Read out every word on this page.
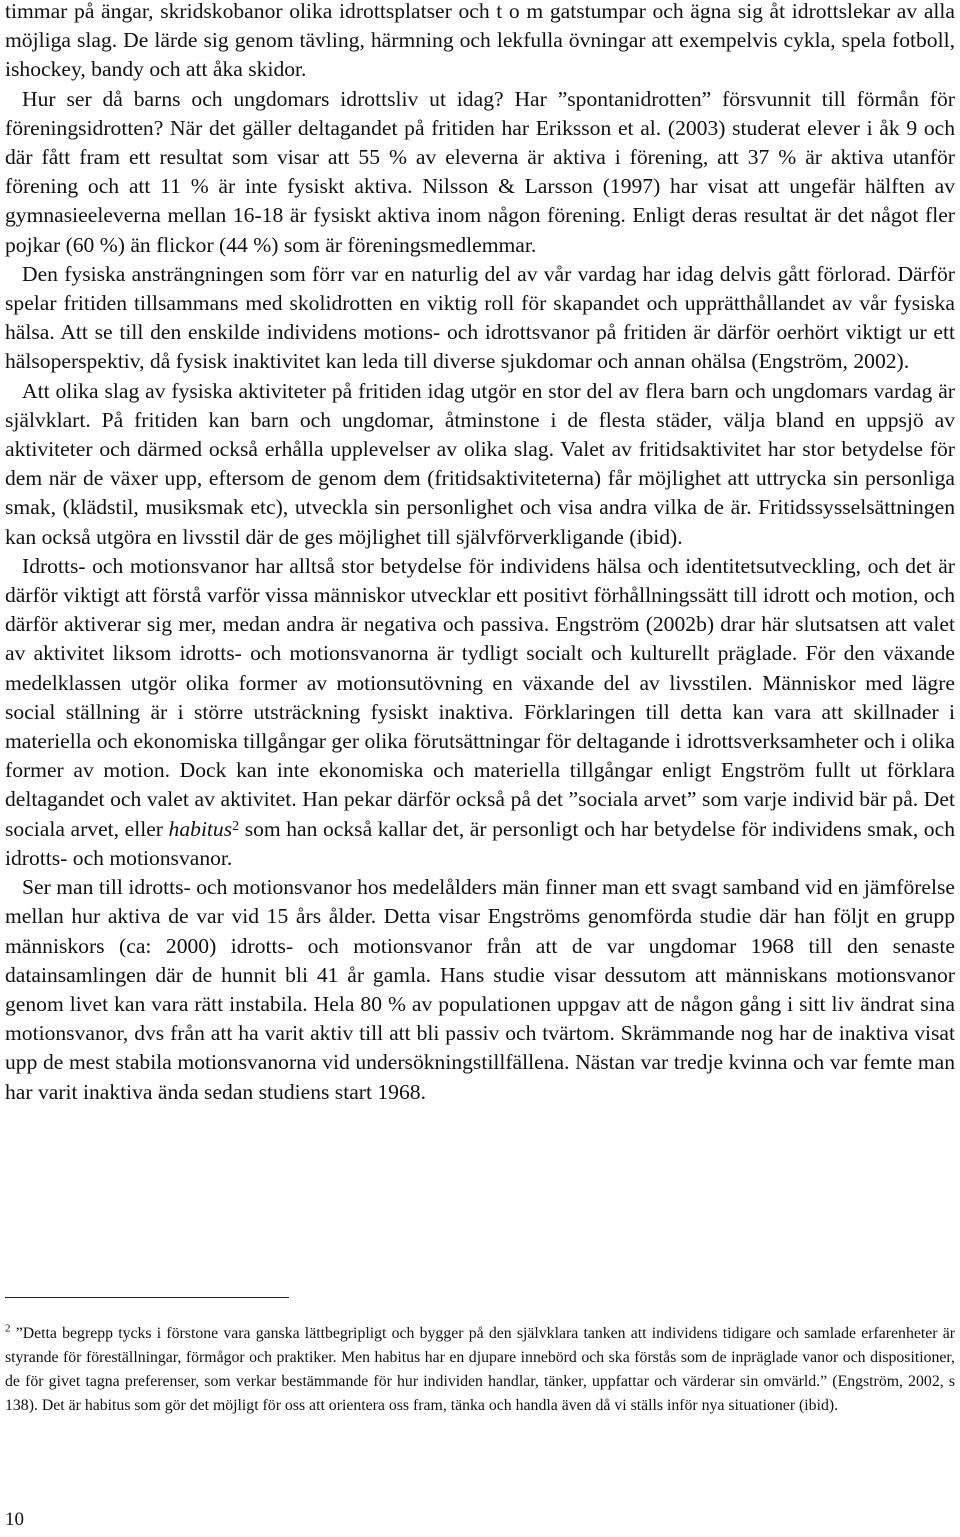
timmar på ängar, skridskobanor olika idrottsplatser och t o m gatstumpar och ägna sig åt idrottslekar av alla möjliga slag. De lärde sig genom tävling, härmning och lekfulla övningar att exempelvis cykla, spela fotboll, ishockey, bandy och att åka skidor.

Hur ser då barns och ungdomars idrottsliv ut idag? Har ”spontanidrotten” försvunnit till förmån för föreningsidrotten? När det gäller deltagandet på fritiden har Eriksson et al. (2003) studerat elever i åk 9 och där fått fram ett resultat som visar att 55 % av eleverna är aktiva i förening, att 37 % är aktiva utanför förening och att 11 % är inte fysiskt aktiva. Nilsson & Larsson (1997) har visat att ungefär hälften av gymnasieeleverna mellan 16-18 är fysiskt aktiva inom någon förening. Enligt deras resultat är det något fler pojkar (60 %) än flickor (44 %) som är föreningsmedlemmar.

Den fysiska ansträngningen som förr var en naturlig del av vår vardag har idag delvis gått förlorad. Därför spelar fritiden tillsammans med skolidrotten en viktig roll för skapandet och upprätthållandet av vår fysiska hälsa. Att se till den enskilde individens motions- och idrottsvanor på fritiden är därför oerhört viktigt ur ett hälsoperspektiv, då fysisk inaktivitet kan leda till diverse sjukdomar och annan ohälsa (Engström, 2002).

Att olika slag av fysiska aktiviteter på fritiden idag utgör en stor del av flera barn och ungdomars vardag är självklart. På fritiden kan barn och ungdomar, åtminstone i de flesta städer, välja bland en uppsjö av aktiviteter och därmed också erhålla upplevelser av olika slag. Valet av fritidsaktivitet har stor betydelse för dem när de växer upp, eftersom de genom dem (fritidsaktiviteterna) får möjlighet att uttrycka sin personliga smak, (klädstil, musiksmak etc), utveckla sin personlighet och visa andra vilka de är. Fritidssysselsättningen kan också utgöra en livsstil där de ges möjlighet till självförverkligande (ibid).

Idrotts- och motionsvanor har alltså stor betydelse för individens hälsa och identitetsutveckling, och det är därför viktigt att förstå varför vissa människor utvecklar ett positivt förhållningssätt till idrott och motion, och därför aktiverar sig mer, medan andra är negativa och passiva. Engström (2002b) drar här slutsatsen att valet av aktivitet liksom idrotts- och motionsvanorna är tydligt socialt och kulturellt präglade. För den växande medelklassen utgör olika former av motionsutövning en växande del av livsstilen. Människor med lägre social ställning är i större utsträckning fysiskt inaktiva. Förklaringen till detta kan vara att skillnader i materiella och ekonomiska tillgångar ger olika förutsättningar för deltagande i idrottsverksamheter och i olika former av motion. Dock kan inte ekonomiska och materiella tillgångar enligt Engström fullt ut förklara deltagandet och valet av aktivitet. Han pekar därför också på det ”sociala arvet” som varje individ bär på. Det sociala arvet, eller habitus$^2$ som han också kallar det, är personligt och har betydelse för individens smak, och idrotts- och motionsvanor.

Ser man till idrotts- och motionsvanor hos medelålders män finner man ett svagt samband vid en jämförelse mellan hur aktiva de var vid 15 års ålder. Detta visar Engströms genomförda studie där han följt en grupp människors (ca: 2000) idrotts- och motionsvanor från att de var ungdomar 1968 till den senaste datainsamlingen där de hunnit bli 41 år gamla. Hans studie visar dessutom att människans motionsvanor genom livet kan vara rätt instabila. Hela 80 % av populationen uppgav att de någon gång i sitt liv ändrat sina motionsvanor, dvs från att ha varit aktiv till att bli passiv och tvärtom. Skrämmande nog har de inaktiva visat upp de mest stabila motionsvanorna vid undersökningstillfällena. Nästan var tredje kvinna och var femte man har varit inaktiva ända sedan studiens start 1968.

$^2$ ”Detta begrepp tycks i förstone vara ganska lättbegripligt och bygger på den självklara tanken att individens tidigare och samlade erfarenheter är styrande för föreställningar, förmågor och praktiker. Men habitus har en djupare innebörd och ska förstås som de inpräglade vanor och dispositioner, de för givet tagna preferenser, som verkar bestämmande för hur individen handlar, tänker, uppfattar och värderar sin omvärld.” (Engström, 2002, s 138). Det är habitus som gör det möjligt för oss att orientera oss fram, tänka och handla även då vi ställs inför nya situationer (ibid).

10
